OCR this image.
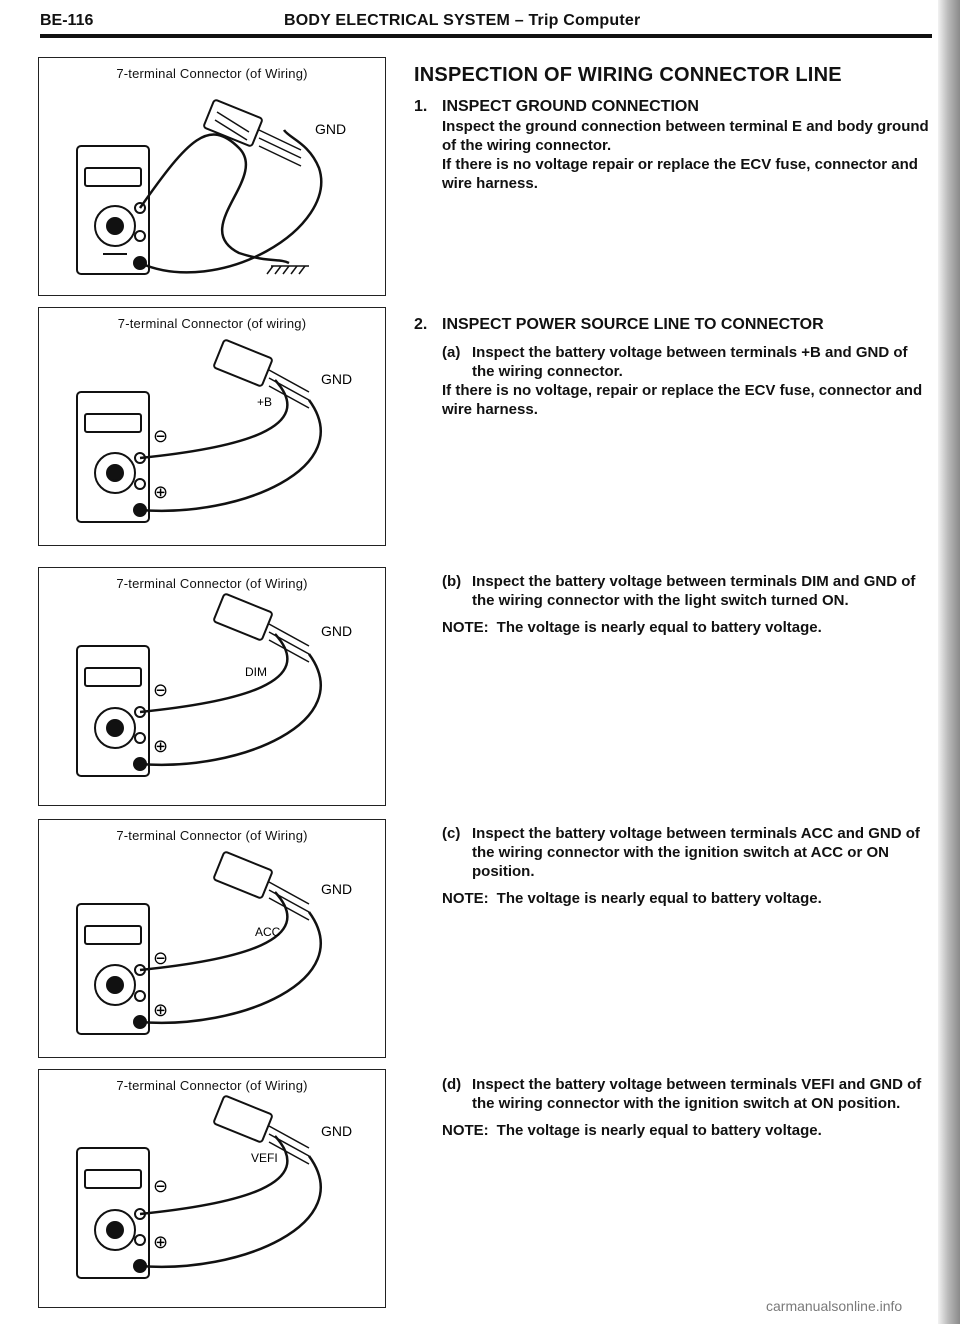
BE-116	BODY ELECTRICAL SYSTEM – Trip Computer
7-terminal Connector (of Wiring)
GND
7-terminal Connector (of wiring)
⊖
⊕
GND
+B
7-terminal Connector (of Wiring)
⊖
⊕
GND
DIM
7-terminal Connector (of Wiring)
⊖
⊕
GND
ACC
7-terminal Connector (of Wiring)
⊖
⊕
GND
VEFI

INSPECTION OF WIRING CONNECTOR LINE

1. INSPECT GROUND CONNECTION

Inspect the ground connection between terminal E and body ground of the wiring connector.

If there is no voltage repair or replace the ECV fuse, connector and wire harness.

2. INSPECT POWER SOURCE LINE TO CONNECTOR
(a) Inspect the battery voltage between terminals +B and GND of the wiring connector.

If there is no voltage, repair or replace the ECV fuse, connector and wire harness.

(b) Inspect the battery voltage between terminals DIM and GND of the wiring connector with the light switch turned ON.
NOTE: The voltage is nearly equal to battery voltage.
(c) Inspect the battery voltage between terminals ACC and GND of the wiring connector with the ignition switch at ACC or ON position.
NOTE: The voltage is nearly equal to battery voltage.
(d) Inspect the battery voltage between terminals VEFI and GND of the wiring connector with the ignition switch at ON position.
NOTE: The voltage is nearly equal to battery voltage.
carmanualsonline.info
